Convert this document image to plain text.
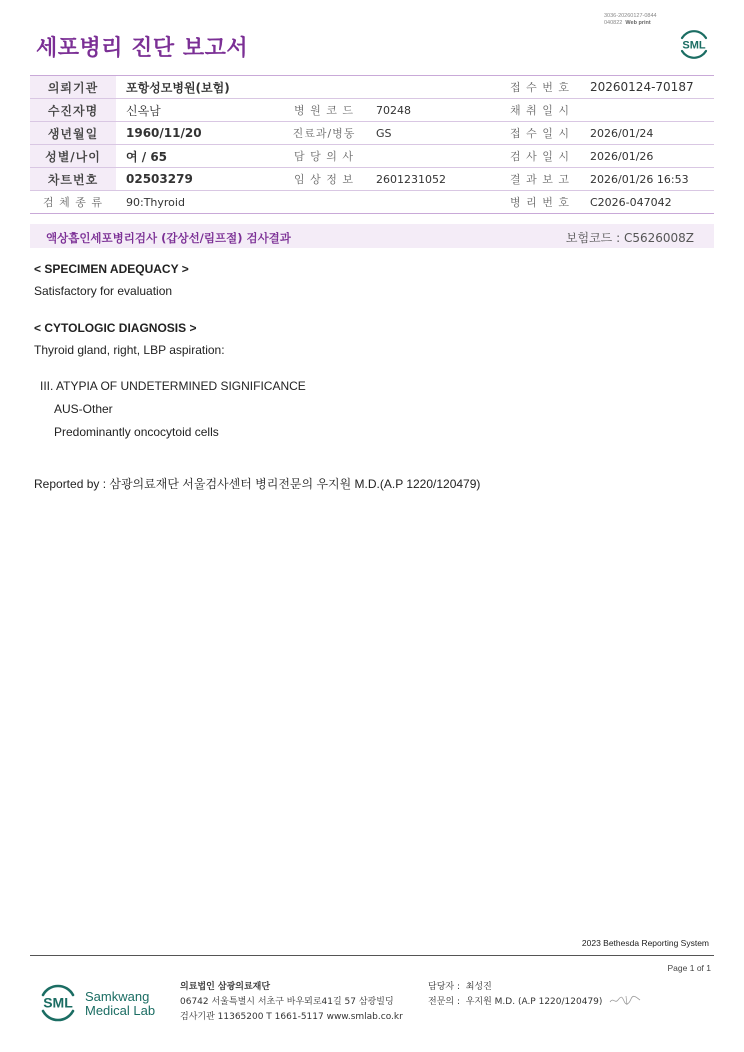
3036-20260127-0844
040822 Web print
세포병리 진단 보고서	SML
의뢰기관	포항성모병원(보험)			접 수 번 호	20260124-70187
수진자명	신옥남	병 원 코 드	70248	채 취 일 시	
생년월일	1960/11/20	진료과/병동	GS	접 수 일 시	2026/01/24
성별/나이	여 / 65	담 당 의 사		검 사 일 시	2026/01/26
차트번호	02503279	임 상 정 보	2601231052	결 과 보 고	2026/01/26 16:53
검 체 종 류	90:Thyroid			병 리 번 호	C2026-047042
액상흡인세포병리검사 (갑상선/림프절) 검사결과	보험코드 : C5626008Z
< SPECIMEN ADEQUACY >
Satisfactory for evaluation
< CYTOLOGIC DIAGNOSIS >
Thyroid gland, right, LBP aspiration:
III. ATYPIA OF UNDETERMINED SIGNIFICANCE
AUS-Other
Predominantly oncocytoid cells
Reported by : 삼광의료재단 서울검사센터 병리전문의 우지원 M.D.(A.P 1220/120479)
2023 Bethesda Reporting System
Page 1 of 1
SML Samkwang
Medical Lab
의료법인 삼광의료재단
06742 서울특별시 서초구 바우뫼로41길 57 삼광빌딩
검사기관 11365200 T 1661-5117 www.smlab.co.kr
담당자 : 최성진
전문의 : 우지원 M.D. (A.P 1220/120479)
